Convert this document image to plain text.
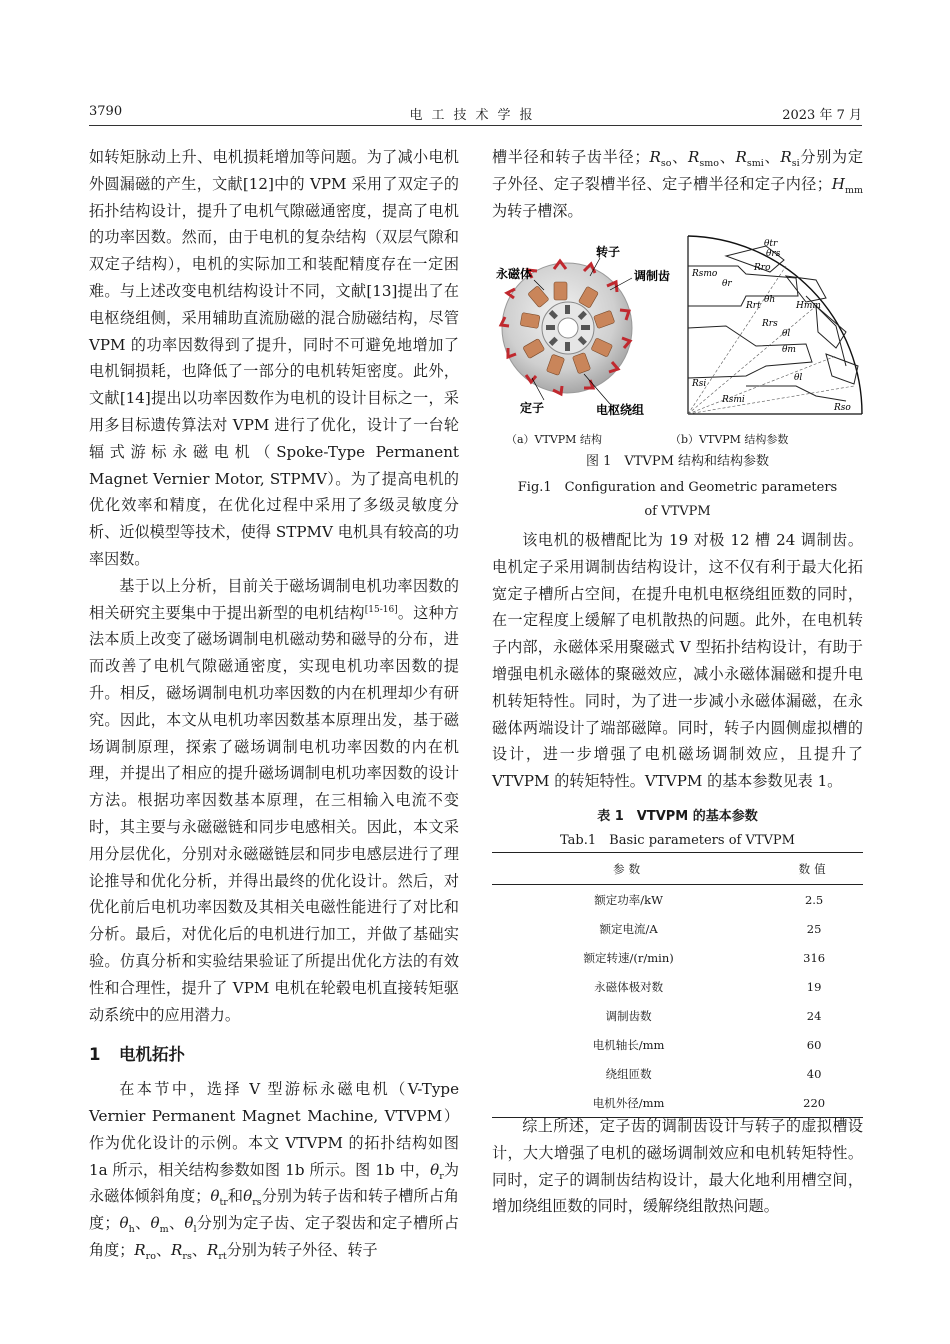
3790	电工技术学报	2023 年 7 月

如转矩脉动上升、电机损耗增加等问题。为了减小电机外圆漏磁的产生，文献[12]中的 VPM 采用了双定子的拓扑结构设计，提升了电机气隙磁通密度，提高了电机的功率因数。然而，由于电机的复杂结构（双层气隙和双定子结构），电机的实际加工和装配精度存在一定困难。与上述改变电机结构设计不同，文献[13]提出了在电枢绕组侧，采用辅助直流励磁的混合励磁结构，尽管 VPM 的功率因数得到了提升，同时不可避免地增加了电机铜损耗，也降低了一部分的电机转矩密度。此外，文献[14]提出以功率因数作为电机的设计目标之一，采用多目标遗传算法对 VPM 进行了优化，设计了一台轮辐式游标永磁电机（Spoke-Type Permanent Magnet Vernier Motor, STPMV）。为了提高电机的优化效率和精度，在优化过程中采用了多级灵敏度分析、近似模型等技术，使得 STPMV 电机具有较高的功率因数。

基于以上分析，目前关于磁场调制电机功率因数的相关研究主要集中于提出新型的电机结构[15-16]。这种方法本质上改变了磁场调制电机磁动势和磁导的分布，进而改善了电机气隙磁通密度，实现电机功率因数的提升。相反，磁场调制电机功率因数的内在机理却少有研究。因此，本文从电机功率因数基本原理出发，基于磁场调制原理，探索了磁场调制电机功率因数的内在机理，并提出了相应的提升磁场调制电机功率因数的设计方法。根据功率因数基本原理，在三相输入电流不变时，其主要与永磁磁链和同步电感相关。因此，本文采用分层优化，分别对永磁磁链层和同步电感层进行了理论推导和优化分析，并得出最终的优化设计。然后，对优化前后电机功率因数及其相关电磁性能进行了对比和分析。最后，对优化后的电机进行加工，并做了基础实验。仿真分析和实验结果验证了所提出优化方法的有效性和合理性，提升了 VPM 电机在轮毂电机直接转矩驱动系统中的应用潜力。

1 电机拓扑

在本节中，选择 V 型游标永磁电机（V-Type Vernier Permanent Magnet Machine, VTVPM）作为优化设计的示例。本文 VTVPM 的拓扑结构如图 1a 所示，相关结构参数如图 1b 所示。图 1b 中，$\theta_r$为永磁体倾斜角度；$\theta_{tr}$和$\theta_{rs}$分别为转子齿和转子槽所占角度；$\theta_h$、$\theta_m$、$\theta_l$分别为定子齿、定子裂齿和定子槽所占角度；$R_{ro}$、$R_{rs}$、$R_{rt}$分别为转子外径、转子

槽半径和转子齿半径；$R_{so}$、$R_{smo}$、$R_{smi}$、$R_{si}$分别为定子外径、定子裂槽半径、定子槽半径和定子内径；$H_{mm}$为转子槽深。

转子
永磁体	调制齿
定子	电枢绕组
Rsmo
θr
θtr
θrs
Rro
Rrt
θh
Hmm
Rrs
θl
θm
θl
Rsi
Rsmi
Rso
（a）VTVPM 结构	（b）VTVPM 结构参数
图 1　VTVPM 结构和结构参数
Fig.1　Configuration and Geometric parameters
of VTVPM

该电机的极槽配比为 19 对极 12 槽 24 调制齿。电机定子采用调制齿结构设计，这不仅有利于最大化拓宽定子槽所占空间，在提升电机电枢绕组匝数的同时，在一定程度上缓解了电机散热的问题。此外，在电机转子内部，永磁体采用聚磁式 V 型拓扑结构设计，有助于增强电机永磁体的聚磁效应，减小永磁体漏磁和提升电机转矩特性。同时，为了进一步减小永磁体漏磁，在永磁体两端设计了端部磁障。同时，转子内圆侧虚拟槽的设计，进一步增强了电机磁场调制效应，且提升了 VTVPM 的转矩特性。VTVPM 的基本参数见表 1。

表 1　VTVPM 的基本参数
Tab.1　Basic parameters of VTVPM
参数	数值
额定功率/kW	2.5
额定电流/A	25
额定转速/(r/min)	316
永磁体极对数	19
调制齿数	24
电机轴长/mm	60
绕组匝数	40
电机外径/mm	220

综上所述，定子齿的调制齿设计与转子的虚拟槽设计，大大增强了电机的磁场调制效应和电机转矩特性。同时，定子的调制齿结构设计，最大化地利用槽空间，增加绕组匝数的同时，缓解绕组散热问题。
